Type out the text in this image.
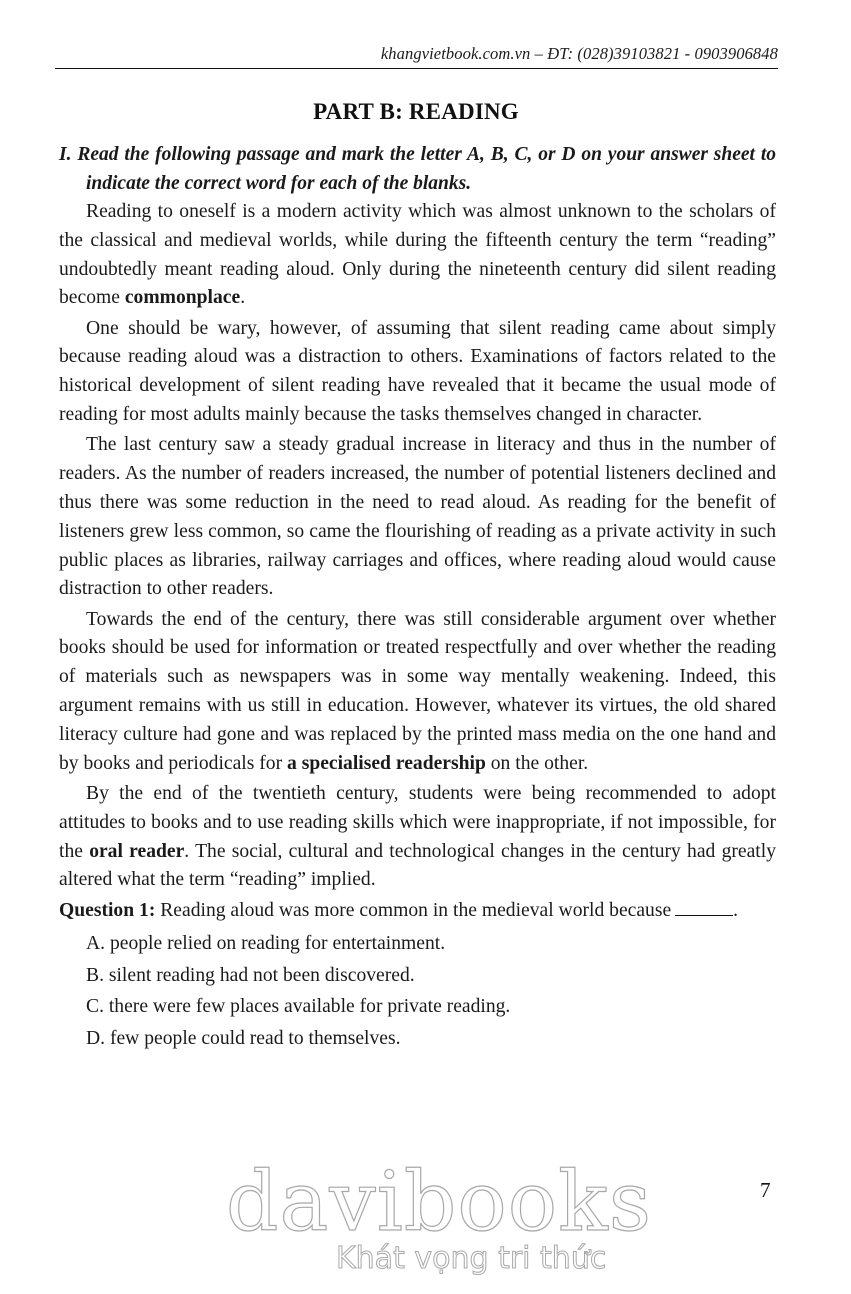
khangvietbook.com.vn – ĐT: (028)39103821 - 0903906848
PART B: READING

I. Read the following passage and mark the letter A, B, C, or D on your answer sheet to indicate the correct word for each of the blanks.

Reading to oneself is a modern activity which was almost unknown to the scholars of the classical and medieval worlds, while during the fifteenth century the term “reading” undoubtedly meant reading aloud. Only during the nineteenth century did silent reading become commonplace.

One should be wary, however, of assuming that silent reading came about simply because reading aloud was a distraction to others. Examinations of factors related to the historical development of silent reading have revealed that it became the usual mode of reading for most adults mainly because the tasks themselves changed in character.

The last century saw a steady gradual increase in literacy and thus in the number of readers. As the number of readers increased, the number of potential listeners declined and thus there was some reduction in the need to read aloud. As reading for the benefit of listeners grew less common, so came the flourishing of reading as a private activity in such public places as libraries, railway carriages and offices, where reading aloud would cause distraction to other readers.

Towards the end of the century, there was still considerable argument over whether books should be used for information or treated respectfully and over whether the reading of materials such as newspapers was in some way mentally weakening. Indeed, this argument remains with us still in education. However, whatever its virtues, the old shared literacy culture had gone and was replaced by the printed mass media on the one hand and by books and periodicals for a specialised readership on the other.

By the end of the twentieth century, students were being recommended to adopt attitudes to books and to use reading skills which were inappropriate, if not impossible, for the oral reader. The social, cultural and technological changes in the century had greatly altered what the term “reading” implied.

Question 1: Reading aloud was more common in the medieval world because	.

A. people relied on reading for entertainment.
B. silent reading had not been discovered.
C. there were few places available for private reading.
D. few people could read to themselves.
7
davibooks
Khát vọng tri thức
